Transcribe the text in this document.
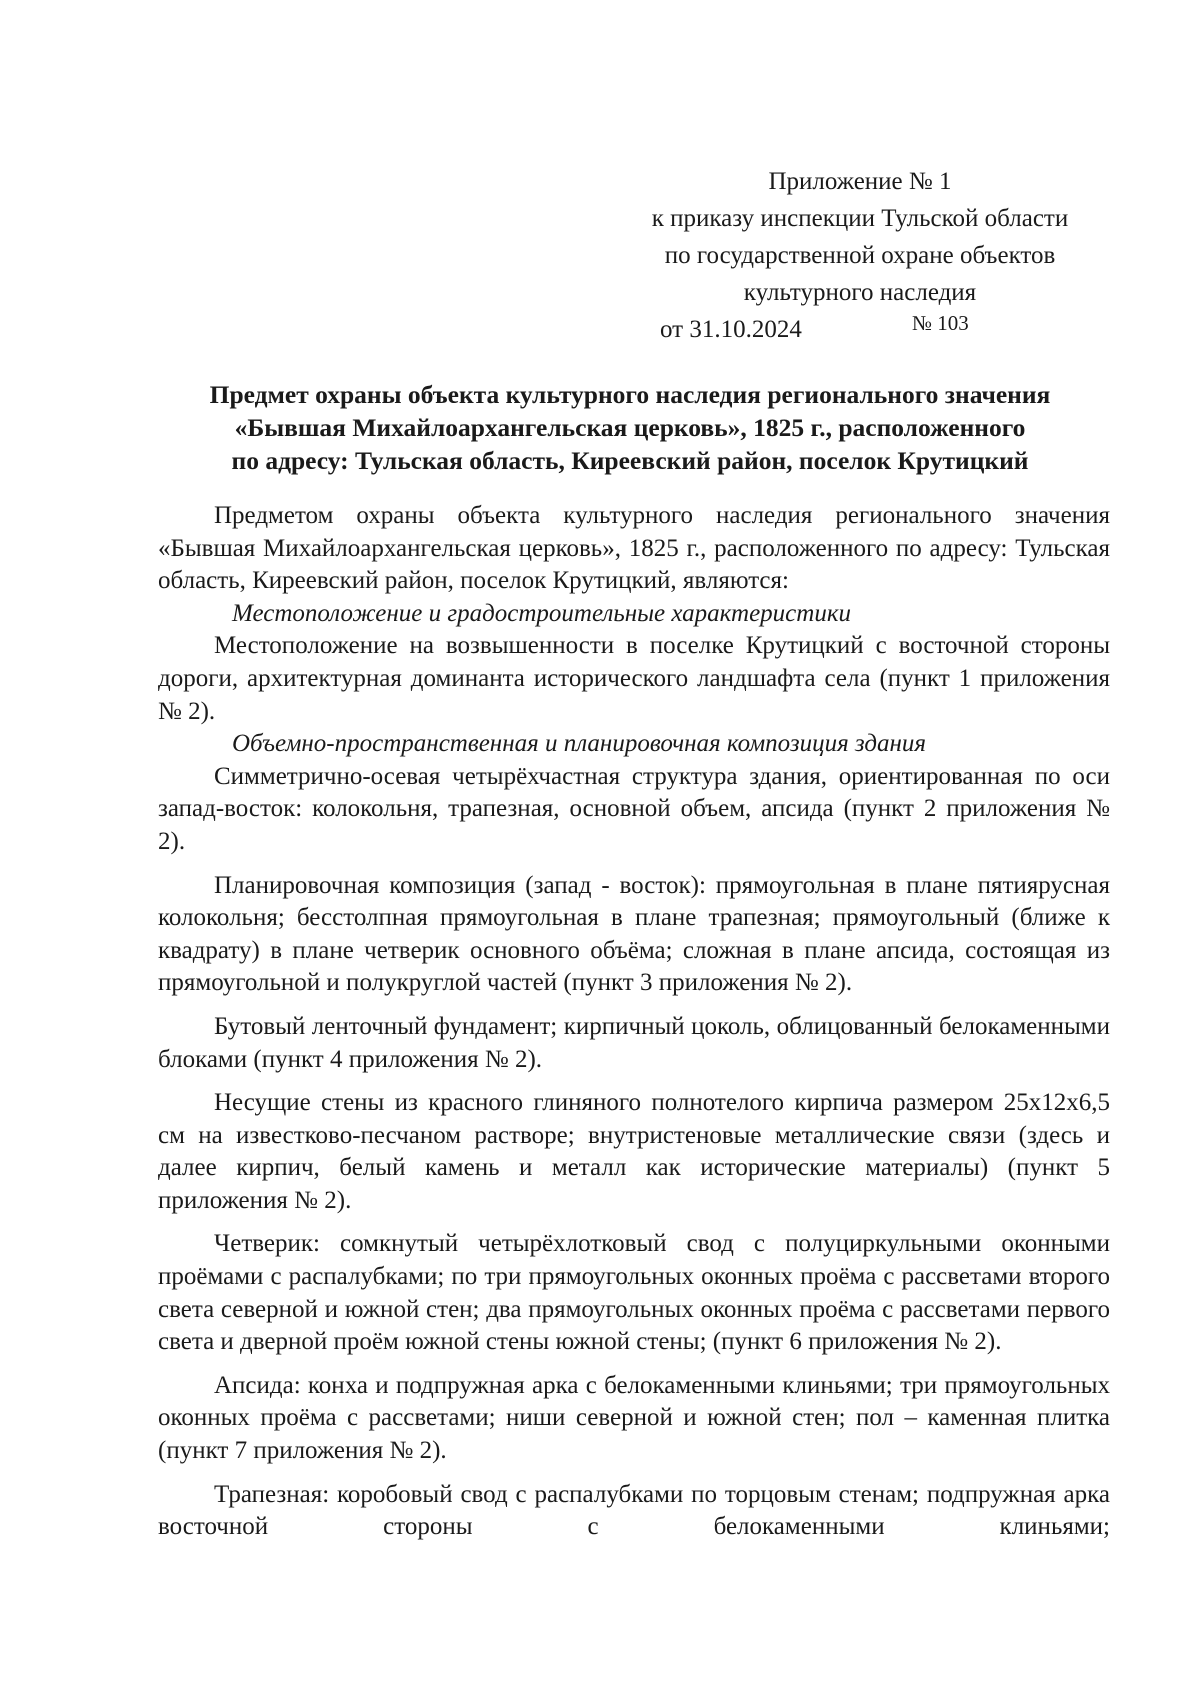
Приложение № 1
к приказу инспекции Тульской области
по государственной охране объектов
культурного наследия
от 31.10.2024	№ 103
Предмет охраны объекта культурного наследия регионального значения
«Бывшая Михайлоархангельская церковь», 1825 г., расположенного
по адресу: Тульская область, Киреевский район, поселок Крутицкий

Предметом охраны объекта культурного наследия регионального значения «Бывшая Михайлоархангельская церковь», 1825 г., расположенного по адресу: Тульская область, Киреевский район, поселок Крутицкий, являются:

Местоположение и градостроительные характеристики

Местоположение на возвышенности в поселке Крутицкий с восточной стороны дороги, архитектурная доминанта исторического ландшафта села (пункт 1 приложения № 2).

Объемно-пространственная и планировочная композиция здания

Симметрично-осевая четырёхчастная структура здания, ориентированная по оси запад-восток: колокольня, трапезная, основной объем, апсида (пункт 2 приложения № 2).

Планировочная композиция (запад - восток): прямоугольная в плане пятиярусная колокольня; бесстолпная прямоугольная в плане трапезная; прямоугольный (ближе к квадрату) в плане четверик основного объёма; сложная в плане апсида, состоящая из прямоугольной и полукруглой частей (пункт 3 приложения № 2).

Бутовый ленточный фундамент; кирпичный цоколь, облицованный белокаменными блоками (пункт 4 приложения № 2).

Несущие стены из красного глиняного полнотелого кирпича размером 25х12х6,5 см на известково-песчаном растворе; внутристеновые металлические связи (здесь и далее кирпич, белый камень и металл как исторические материалы) (пункт 5 приложения № 2).

Четверик: сомкнутый четырёхлотковый свод с полуциркульными оконными проёмами с распалубками; по три прямоугольных оконных проёма с рассветами второго света северной и южной стен; два прямоугольных оконных проёма с рассветами первого света и дверной проём южной стены южной стены; (пункт 6 приложения № 2).

Апсида: конха и подпружная арка с белокаменными клиньями; три прямоугольных оконных проёма с рассветами; ниши северной и южной стен; пол – каменная плитка (пункт 7 приложения № 2).

Трапезная: коробовый свод с распалубками по торцовым стенам; подпружная арка восточной стороны с белокаменными клиньями;
